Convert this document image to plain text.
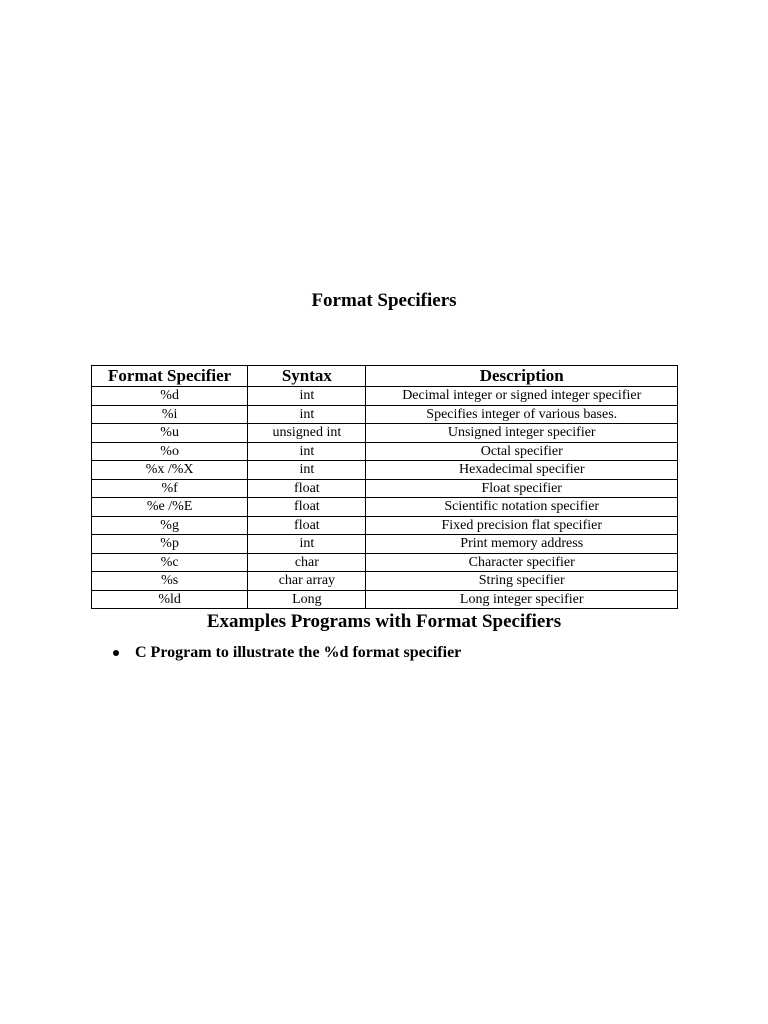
Format Specifiers
Format Specifier	Syntax	Description
%d	int	Decimal integer or signed integer specifier
%i	int	Specifies integer of various bases.
%u	unsigned int	Unsigned integer specifier
%o	int	Octal specifier
%x /%X	int	Hexadecimal specifier
%f	float	Float specifier
%e /%E	float	Scientific notation specifier
%g	float	Fixed precision flat specifier
%p	int	Print memory address
%c	char	Character specifier
%s	char array	String specifier
%ld	Long	Long integer specifier
Examples Programs with Format Specifiers
C Program to illustrate the %d format specifier
